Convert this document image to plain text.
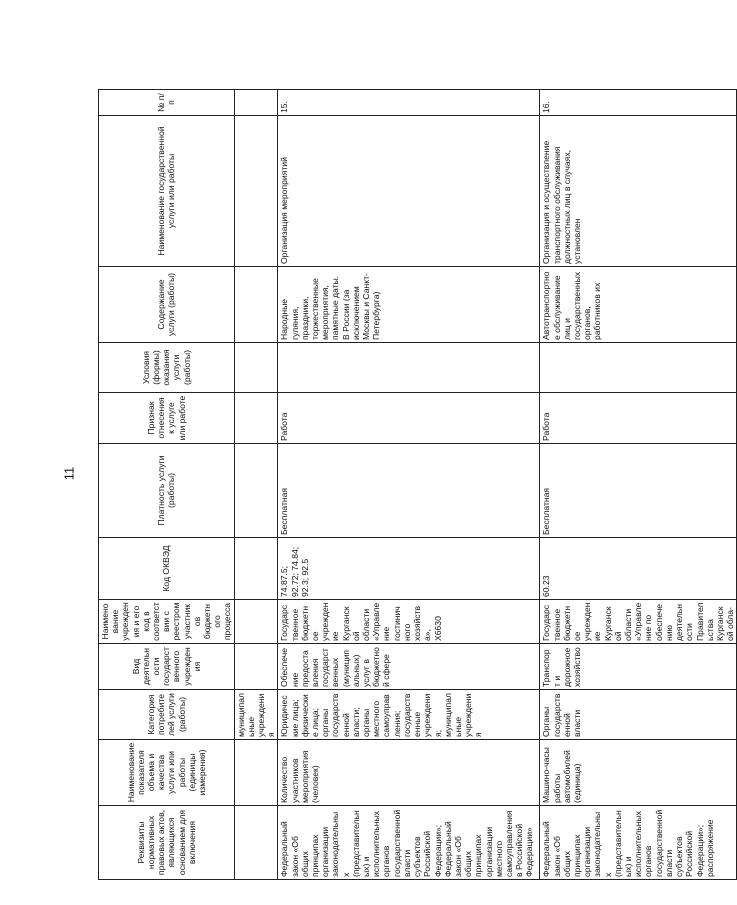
11
Реквизиты нормативных правовых актов, являющихся основанием для включения	Наименование показателя объема и качества услуги или работы (единицы измерения)	Категория потребителей услуги (работы)	Вид деятельности государственного учреждения	Наименование учреждения и его код в соответствии с реестром участников бюджетного процесса	Код ОКВЭД	Платность услуги (работы)	Признак отнесения к услуге или работе	Условия (формы) оказания услуги (работы)	Содержание услуги (работы)	Наименование государственной услуги или работы	№ п/п
		муниципальные учреждения									
Федеральный закон «Об общих принципах организации законодательных (представительных) и исполнительных органов государственной власти субъектов Российской Федерации»; Федеральный закон «Об общих принципах организации местного самоуправления в Российской Федерации»	Количество участников мероприятия (человек)	Юридические лица; физические лица; органы государственной власти; органы местного самоуправления; государственные учреждения; муниципальные учреждения	Обеспечение предоставления государственных (муниципальных) услуг в бюджетной сфере	Государственное бюджетное учреждение Курганской области «Управление гостиничного хозяйства», Х6630	74.87.5; 92.72; 74.84; 92.3; 92.5	Бесплатная	Работа		Народные гуляния, праздники, торжественные мероприятия, памятные даты. В России (за исключением Москвы и Санкт-Петербурга)	Организация мероприятий	15.
Федеральный закон «Об общих принципах организации законодательных (представительных) и исполнительных органов государственной власти субъектов Российской Федерации»; распоряжение	Машино-часы работы автомобилей (единица)	Органы государственной власти	Транспорт и дорожное хозяйство	Государственное бюджетное учреждение Курганской области «Управление по обеспечению деятельности Правительства Курганской обла-	60.23	Бесплатная	Работа		Автотранспортное обслуживание лиц и государственных органов, работников их	Организация и осуществление транспортного обслуживания должностных лиц в случаях, установлен	16.
